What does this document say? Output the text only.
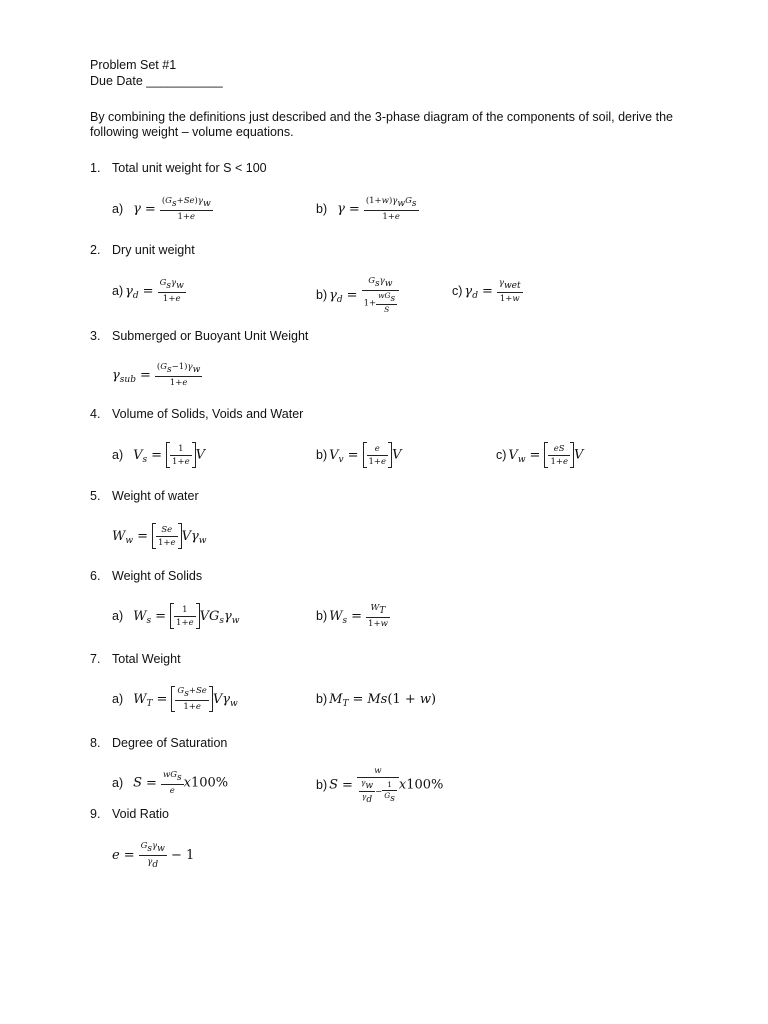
Problem Set #1
Due Date ___________
By combining the definitions just described and the 3-phase diagram of the components of soil, derive the following weight – volume equations.
1. Total unit weight for S < 100
a) $\gamma = \frac{(G_s+Se)\gamma_w}{1+e}$	b) $\gamma = \frac{(1+w)\gamma_wG_s}{1+e}$
2. Dry unit weight
a) $\gamma_d = \frac{G_s\gamma_w}{1+e}$	b) $\gamma_d = \frac{G_s\gamma_w}{1+ \frac{wG_s}{S}}$	c) $\gamma_d = \frac{\gamma_{wet}}{1+w}$
3. Submerged or Buoyant Unit Weight
$\gamma_{sub} = \frac{(G_s-1)\gamma_w}{1+e}$
4. Volume of Solids, Voids and Water
a) $V_s = \frac{1}{1+e}$ V	b) $V_v = \frac{e}{1+e}$ V	c) $V_w = \frac{eS}{1+e}$ V
5. Weight of water
$W_w = \frac{Se}{1+e} V\gamma_w$
6. Weight of Solids
a) $W_s = \frac{1}{1+e} VG_s\gamma_w$	b) $W_s = \frac{W_T}{1+w}$
7. Total Weight
a) $W_T = \frac{G_s+Se}{1+e} V\gamma_w$	b) $M_T = Ms(1 + w)$
8. Degree of Saturation
a) $S = \frac{wG_s}{e} x100\%$	b) $S = \frac{w}{\frac{\gamma_w}{\gamma_d} - \frac{1}{G_s}} x100\%$
9. Void Ratio
$e = \frac{G_s\gamma_w}{\gamma_d} - 1$
